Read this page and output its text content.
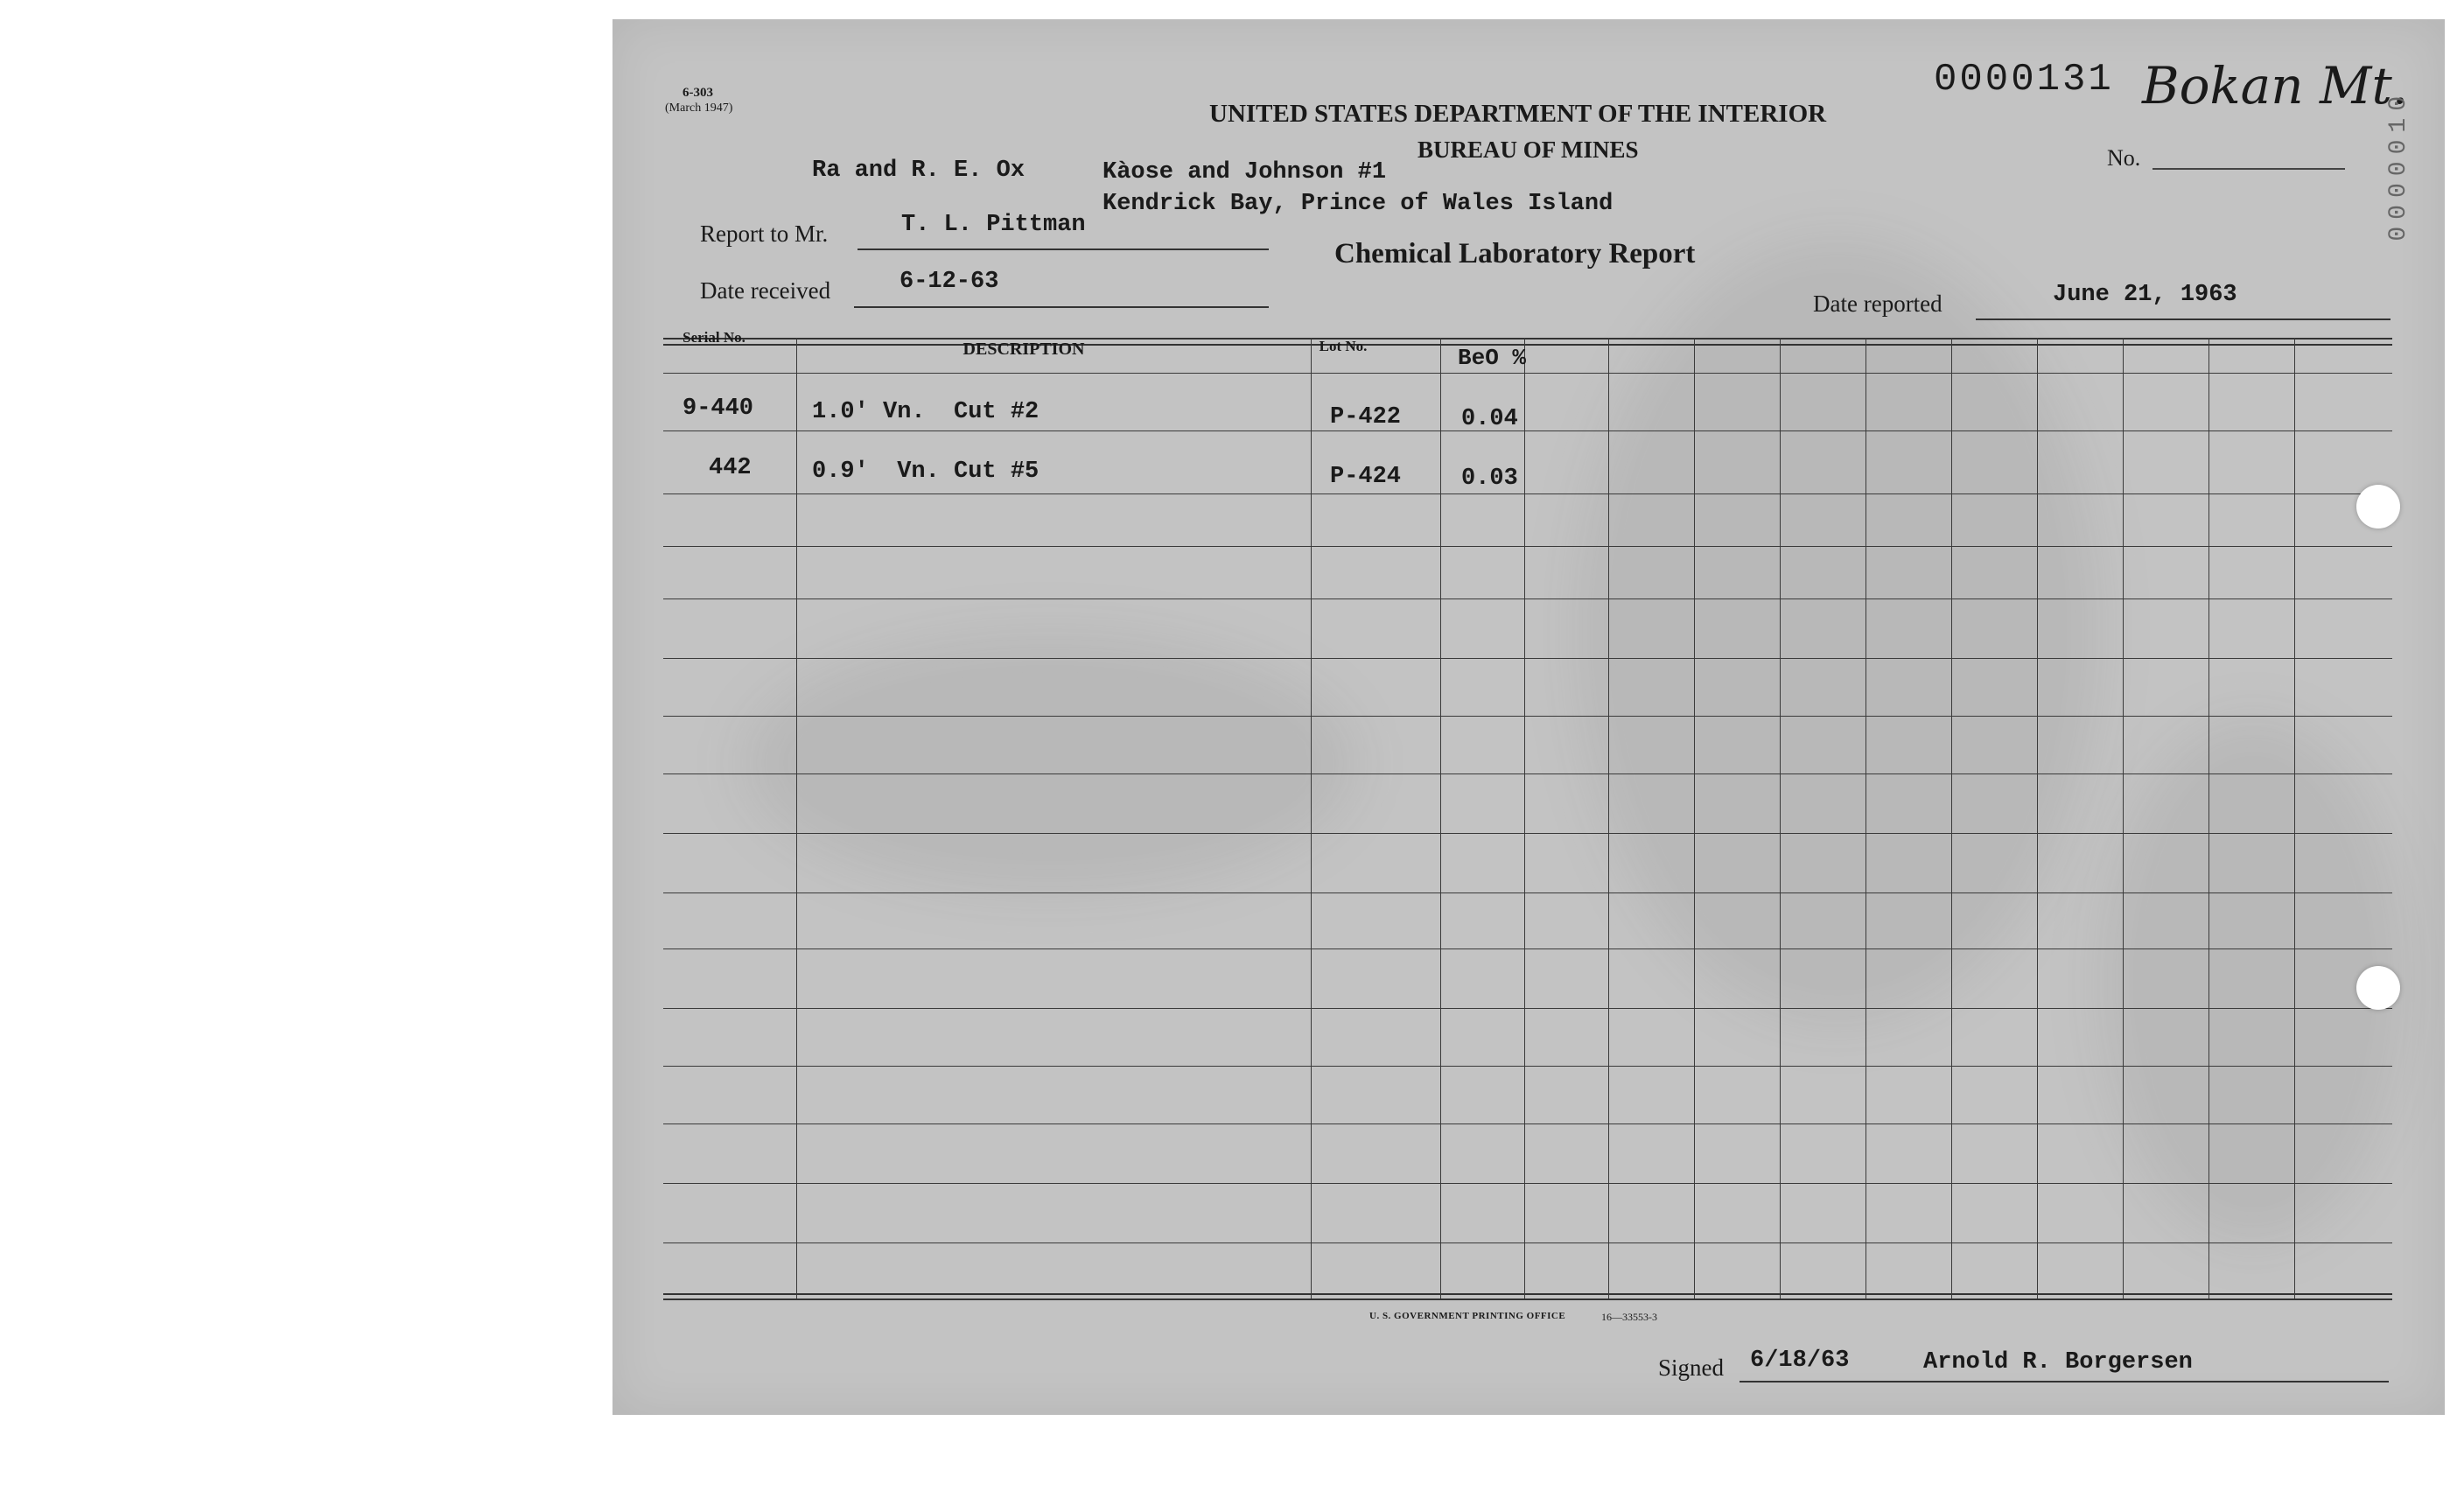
6-303
(March 1947)
0000131 Bokan Mt.
0000010
UNITED STATES DEPARTMENT OF THE INTERIOR
BUREAU OF MINES
Chemical Laboratory Report
No.
Ra and R. E. Ox	Kàose and Johnson #1
Kendrick Bay, Prince of Wales Island
Report to Mr.	T. L. Pittman
Date received	6-12-63
Date reported	June 21, 1963
Serial No.
DESCRIPTION	Lot No.	BeO %
9-440 1.0' Vn.  Cut #2	P-422	0.04
442	0.9'  Vn. Cut #5	P-424	0.03
U. S. GOVERNMENT PRINTING OFFICE	16—33553-3
Signed 6/18/63	Arnold R. Borgersen
